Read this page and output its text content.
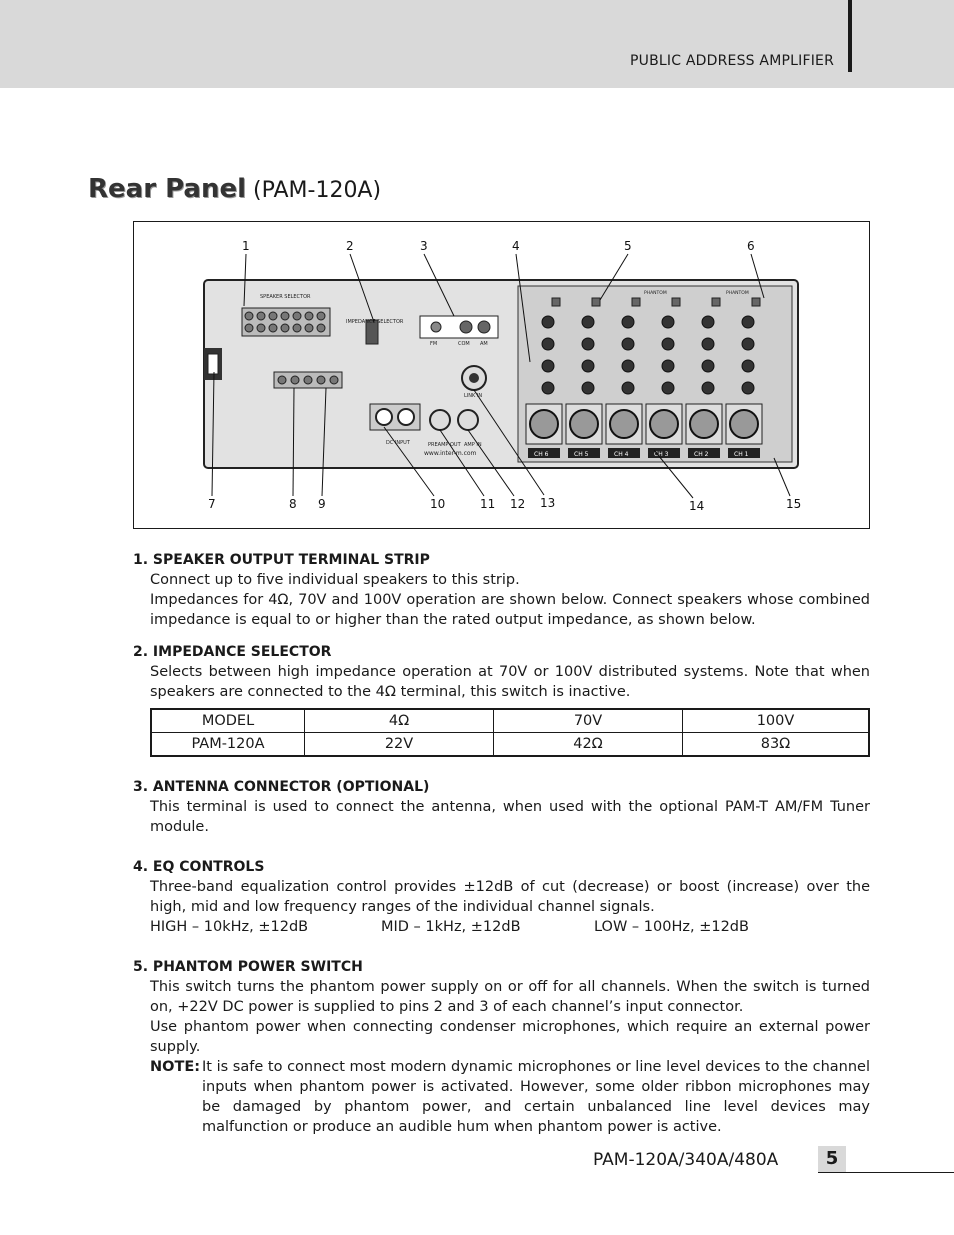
PUBLIC ADDRESS AMPLIFIER
Rear Panel (PAM-120A)
SPEAKER SELECTOR
IMPEDANCE SELECTOR
FM	COM AM
LINK IN
DC INPUT	PREAMP OUT AMP IN
www.inter-m.com	CH 6	CH 5	CH 4	CH 3	CH 2	CH 1
PHANTOM	PHANTOM
1	2	3	4	5	6
7	8 9	10	11 12 13	14	15
1. SPEAKER OUTPUT TERMINAL STRIP
Connect up to five individual speakers to this strip.
Impedances for 4Ω, 70V and 100V operation are shown below. Connect speakers whose combined impedance is equal to or higher than the rated output impedance, as shown below.
2. IMPEDANCE SELECTOR
Selects between high impedance operation at 70V or 100V distributed systems. Note that when speakers are connected to the 4Ω terminal, this switch is inactive.
MODEL	4Ω	70V	100V
PAM-120A	22V	42Ω	83Ω
3. ANTENNA CONNECTOR (OPTIONAL)
This terminal is used to connect the antenna, when used with the optional PAM-T AM/FM Tuner module.
4. EQ CONTROLS
Three-band equalization control provides ±12dB of cut (decrease) or boost (increase) over the high, mid and low frequency ranges of the individual channel signals.
HIGH – 10kHz, ±12dB	MID – 1kHz, ±12dB	LOW – 100Hz, ±12dB
5. PHANTOM POWER SWITCH
This switch turns the phantom power supply on or off for all channels. When the switch is turned on, +22V DC power is supplied to pins 2 and 3 of each channel’s input connector.
Use phantom power when connecting condenser microphones, which require an external power supply.
NOTE: It is safe to connect most modern dynamic microphones or line level devices to the channel inputs when phantom power is activated. However, some older ribbon microphones may be damaged by phantom power, and certain unbalanced line level devices may malfunction or produce an audible hum when phantom power is active.
PAM-120A/340A/480A	5
